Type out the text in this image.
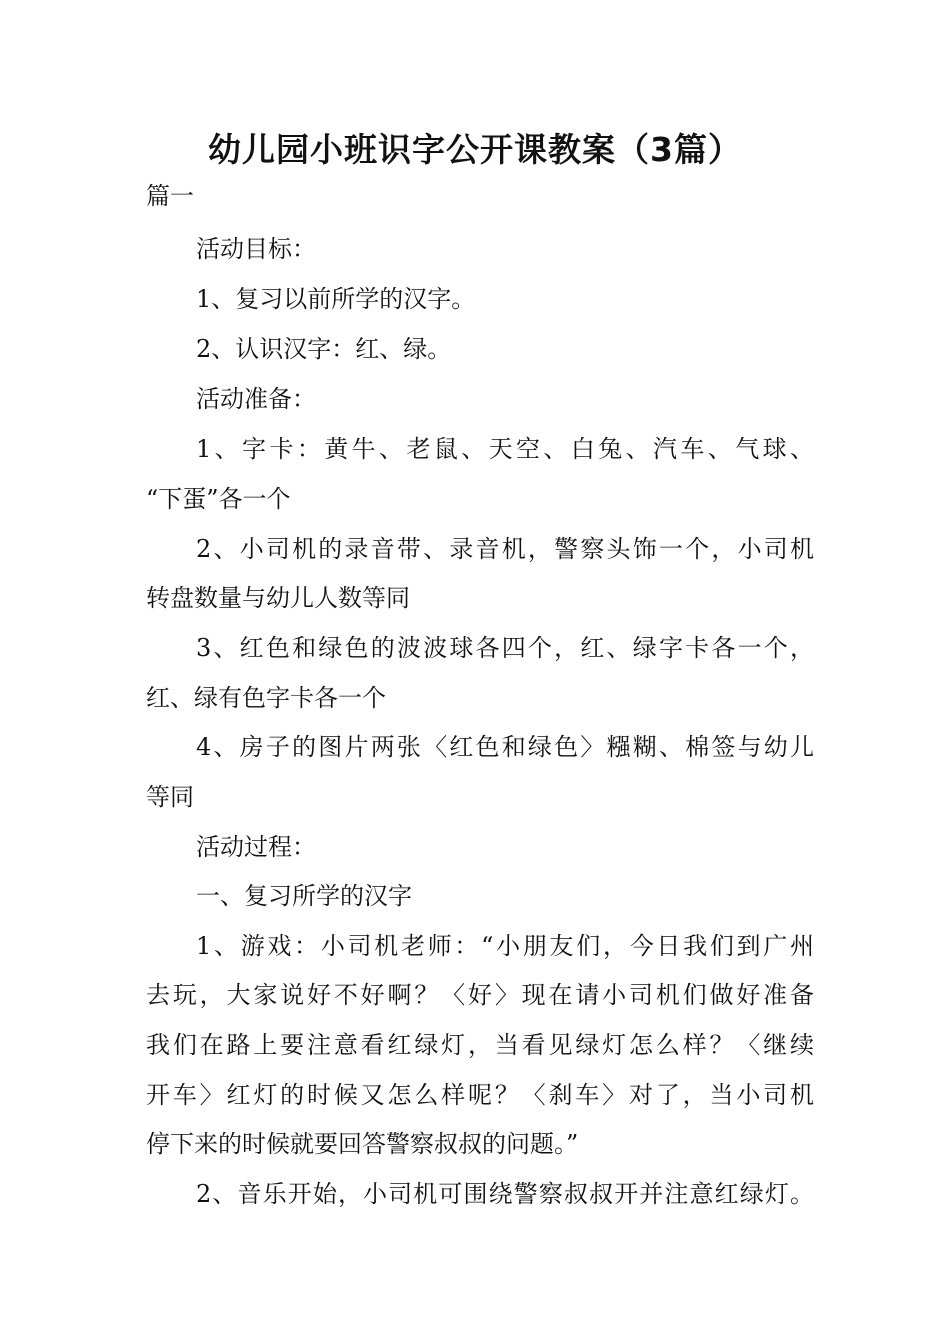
幼儿园小班识字公开课教案（3篇）
篇一
活动目标：
1、复习以前所学的汉字。
2、认识汉字：红、绿。
活动准备：
1、字卡：黄牛、老鼠、天空、白兔、汽车、气球、
“下蛋”各一个
2、小司机的录音带、录音机，警察头饰一个，小司机
转盘数量与幼儿人数等同
3、红色和绿色的波波球各四个，红、绿字卡各一个，
红、绿有色字卡各一个
4、房子的图片两张〈红色和绿色〉糨糊、棉签与幼儿
等同
活动过程：
一、复习所学的汉字
1、游戏：小司机老师：“小朋友们，今日我们到广州
去玩，大家说好不好啊？〈好〉现在请小司机们做好准备
我们在路上要注意看红绿灯，当看见绿灯怎么样？〈继续
开车〉红灯的时候又怎么样呢？〈刹车〉对了，当小司机
停下来的时候就要回答警察叔叔的问题。”
2、音乐开始，小司机可围绕警察叔叔开并注意红绿灯。
